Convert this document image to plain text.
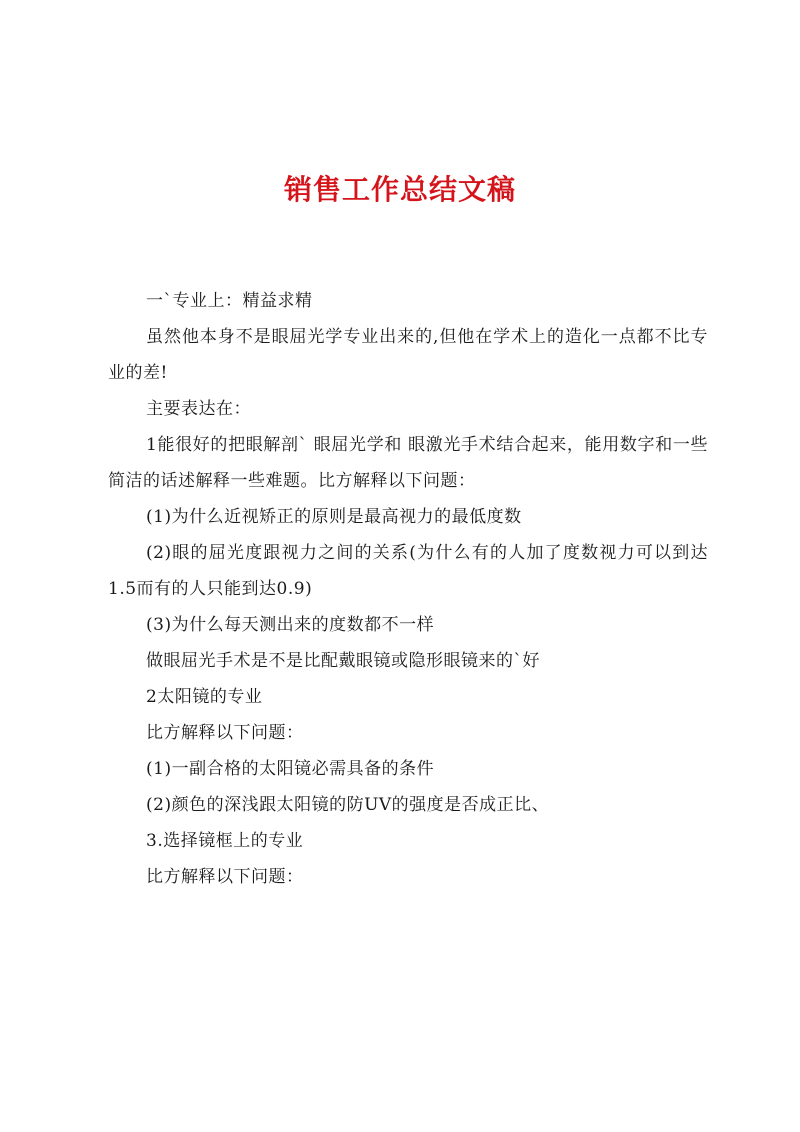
销售工作总结文稿

一`专业上：精益求精

虽然他本身不是眼屈光学专业出来的,但他在学术上的造化一点都不比专业的差!

主要表达在：

1能很好的把眼解剖` 眼屈光学和 眼激光手术结合起来，能用数字和一些简洁的话述解释一些难题。比方解释以下问题：

(1)为什么近视矫正的原则是最高视力的最低度数

(2)眼的屈光度跟视力之间的关系(为什么有的人加了度数视力可以到达1.5而有的人只能到达0.9)

(3)为什么每天测出来的度数都不一样

做眼屈光手术是不是比配戴眼镜或隐形眼镜来的`好

2太阳镜的专业

比方解释以下问题：

(1)一副合格的太阳镜必需具备的条件

(2)颜色的深浅跟太阳镜的防UV的强度是否成正比、

3.选择镜框上的专业

比方解释以下问题：
